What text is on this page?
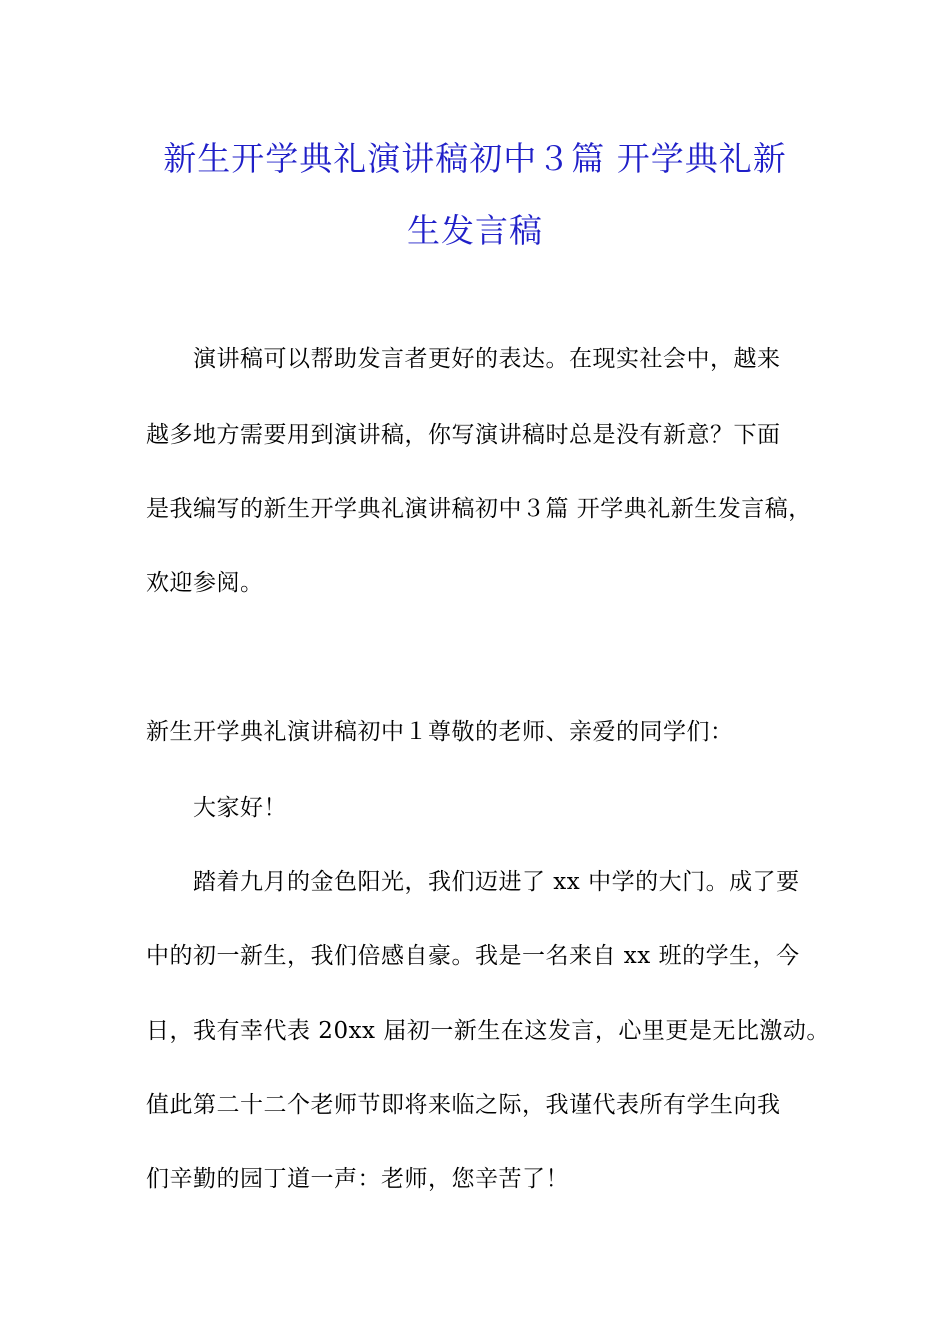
新生开学典礼演讲稿初中３篇 开学典礼新
生发言稿
演讲稿可以帮助发言者更好的表达。在现实社会中，越来
越多地方需要用到演讲稿，你写演讲稿时总是没有新意？下面
是我编写的新生开学典礼演讲稿初中３篇 开学典礼新生发言稿，
欢迎参阅。
新生开学典礼演讲稿初中１尊敬的老师、亲爱的同学们：
大家好！
踏着九月的金色阳光，我们迈进了 xx 中学的大门。成了要
中的初一新生，我们倍感自豪。我是一名来自 xx 班的学生，今
日，我有幸代表 20xx 届初一新生在这发言，心里更是无比激动。
值此第二十二个老师节即将来临之际，我谨代表所有学生向我
们辛勤的园丁道一声：老师，您辛苦了！
